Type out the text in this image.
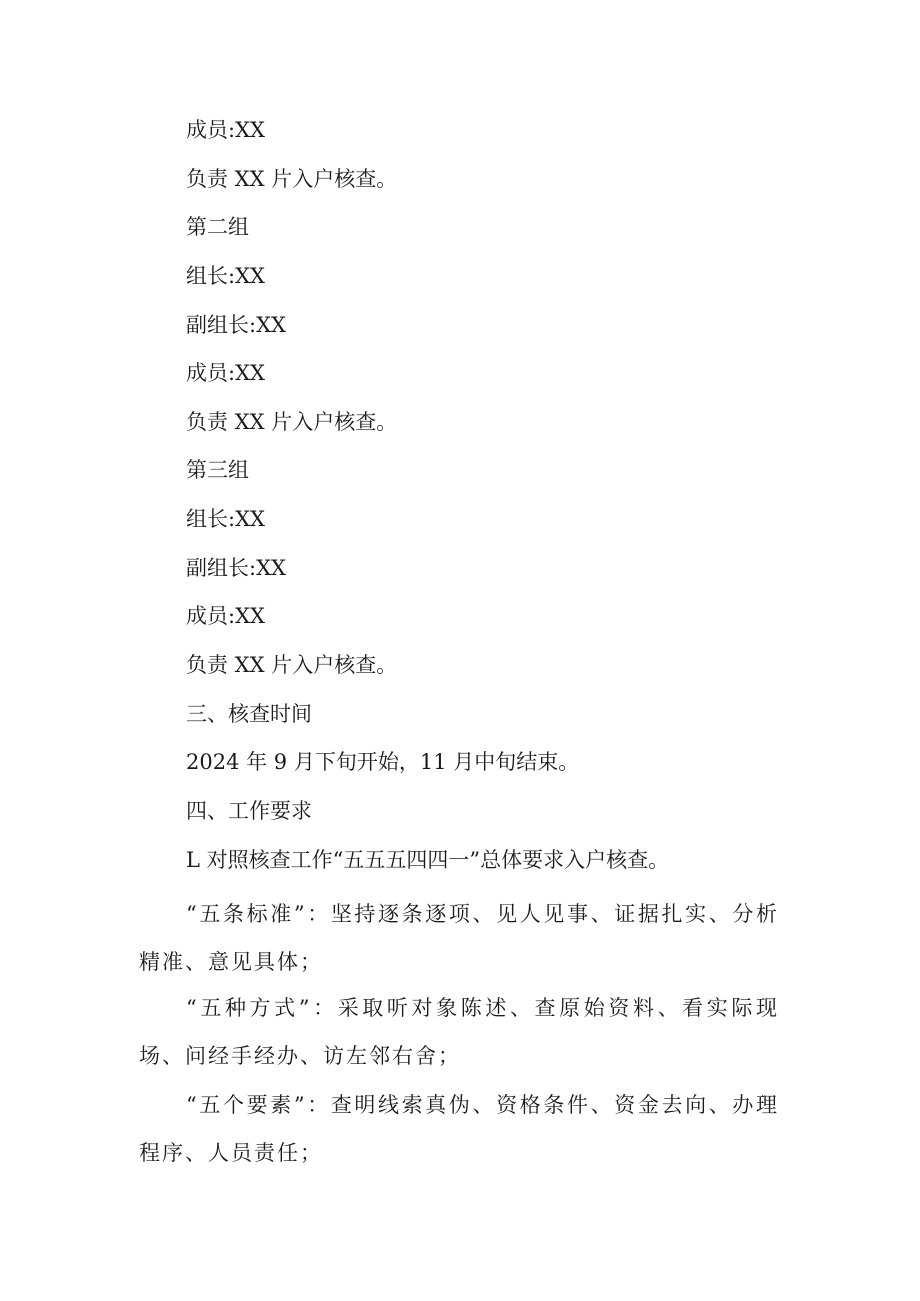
成员:XX
负责 XX 片入户核查。
第二组
组长:XX
副组长:XX
成员:XX
负责 XX 片入户核查。
第三组
组长:XX
副组长:XX
成员:XX
负责 XX 片入户核查。
三、核查时间
2024 年 9 月下旬开始，11 月中旬结束。
四、工作要求
L 对照核查工作“五五五四四一”总体要求入户核查。
“五条标准”：坚持逐条逐项、见人见事、证据扎实、分析精准、意见具体；
“五种方式”：采取听对象陈述、查原始资料、看实际现场、问经手经办、访左邻右舍；
“五个要素”：查明线索真伪、资格条件、资金去向、办理程序、人员责任；
